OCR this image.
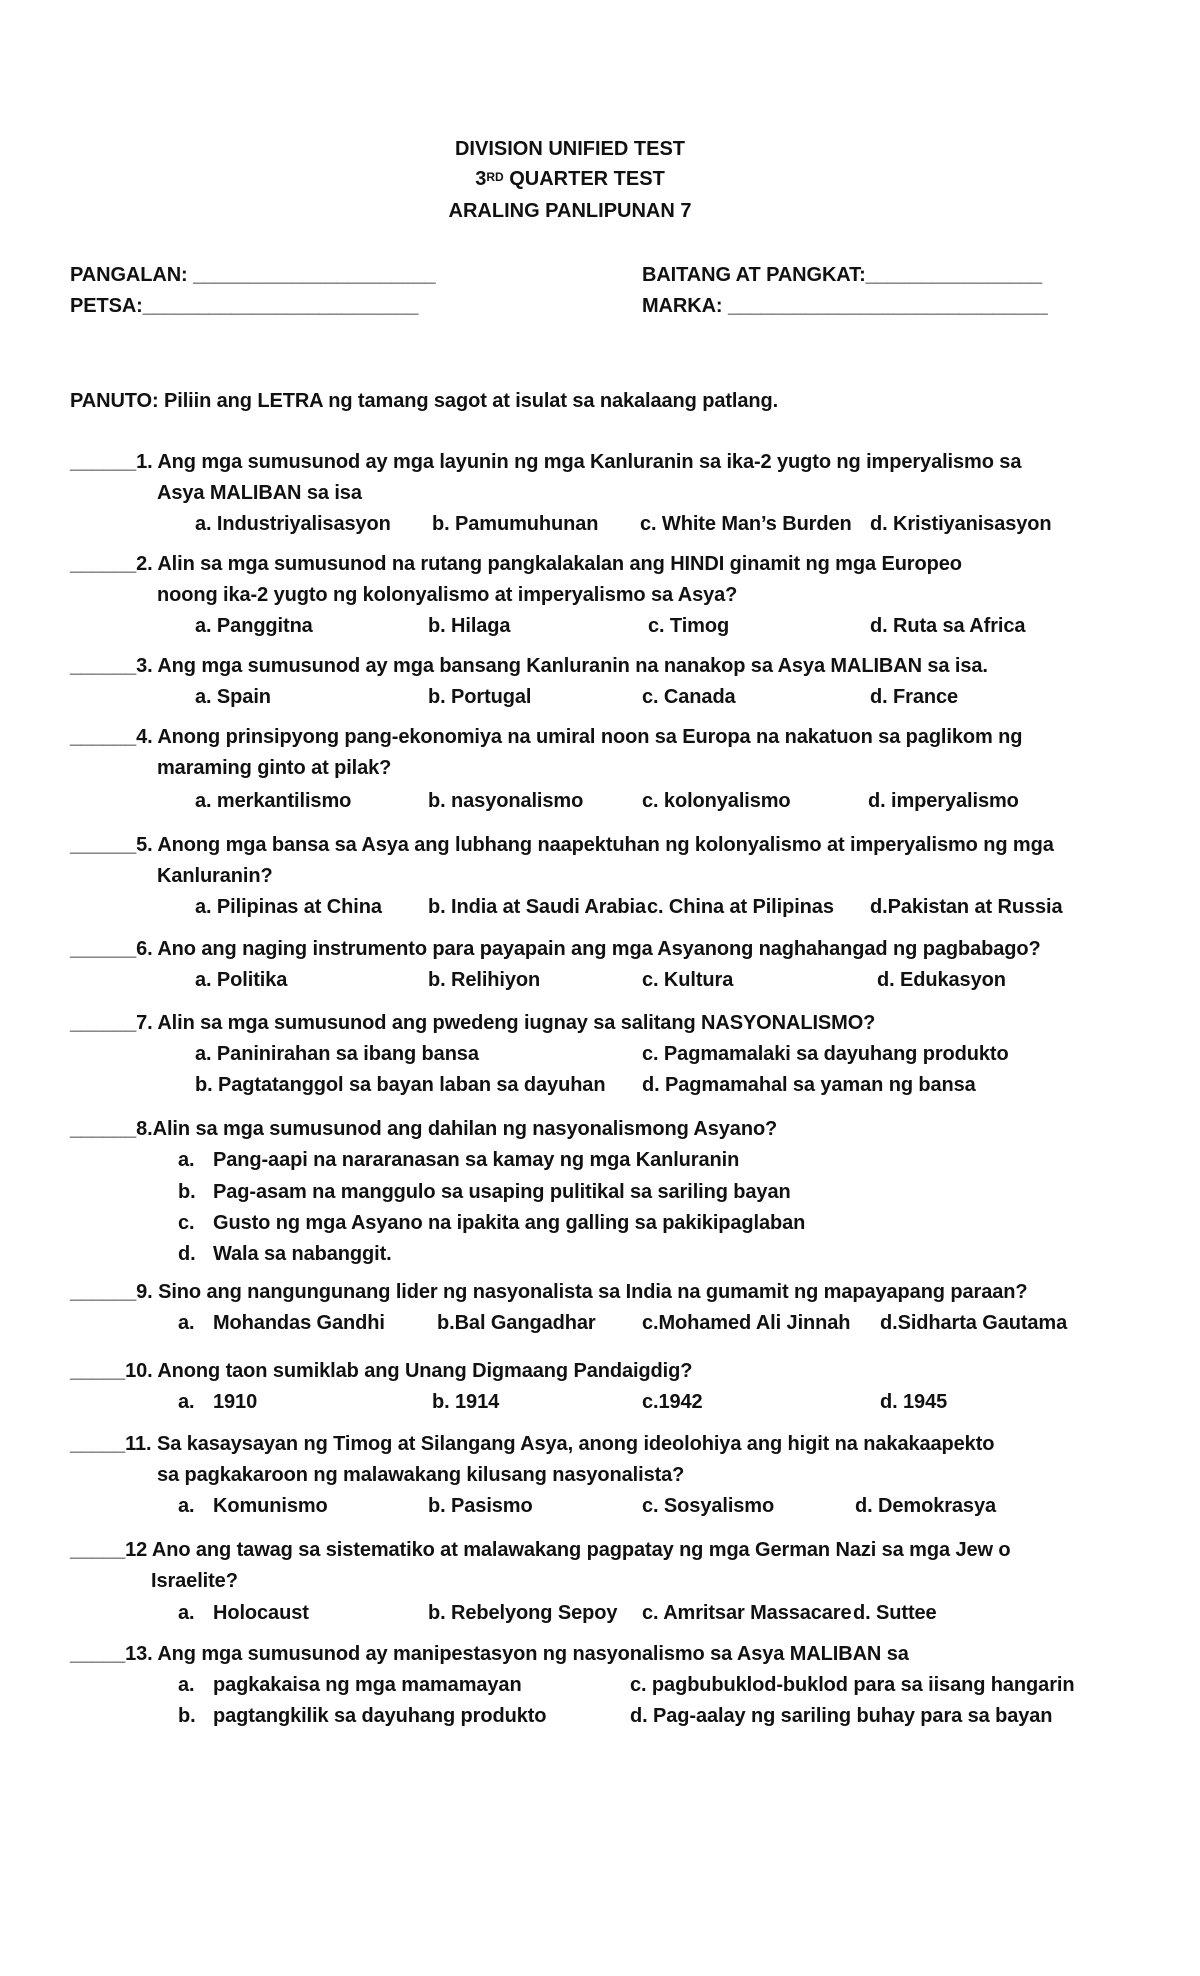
DIVISION UNIFIED TEST
3RD QUARTER TEST
ARALING PANLIPUNAN 7
PANGALAN: ______________________	BAITANG AT PANGKAT:________________
PETSA:_________________________	MARKA: _____________________________
PANUTO: Piliin ang LETRA ng tamang sagot at isulat sa nakalaang patlang.
______1. Ang mga sumusunod ay mga layunin ng mga Kanluranin sa ika-2 yugto ng imperyalismo sa
Asya MALIBAN sa isa
a. Industriyalisasyon b. Pamumuhunan c. White Man’s Burden d. Kristiyanisasyon
______2. Alin sa mga sumusunod na rutang pangkalakalan ang HINDI ginamit ng mga Europeo
noong ika-2 yugto ng kolonyalismo at imperyalismo sa Asya?
a. Panggitna	b. Hilaga	c. Timog	d. Ruta sa Africa
______3. Ang mga sumusunod ay mga bansang Kanluranin na nanakop sa Asya MALIBAN sa isa.
a. Spain	b. Portugal	c. Canada	d. France
______4. Anong prinsipyong pang-ekonomiya na umiral noon sa Europa na nakatuon sa paglikom ng
maraming ginto at pilak?
a. merkantilismo	b. nasyonalismo	c. kolonyalismo	d. imperyalismo
______5. Anong mga bansa sa Asya ang lubhang naapektuhan ng kolonyalismo at imperyalismo ng mga
Kanluranin?
a. Pilipinas at China b. India at Saudi Arabia c. China at Pilipinas d.Pakistan at Russia
______6. Ano ang naging instrumento para payapain ang mga Asyanong naghahangad ng pagbabago?
a. Politika	b. Relihiyon	c. Kultura	d. Edukasyon
______7. Alin sa mga sumusunod ang pwedeng iugnay sa salitang NASYONALISMO?
a. Paninirahan sa ibang bansa	c. Pagmamalaki sa dayuhang produkto
b. Pagtatanggol sa bayan laban sa dayuhan d. Pagmamahal sa yaman ng bansa
______8.Alin sa mga sumusunod ang dahilan ng nasyonalismong Asyano?
a. Pang-aapi na nararanasan sa kamay ng mga Kanluranin
b. Pag-asam na manggulo sa usaping pulitikal sa sariling bayan
c. Gusto ng mga Asyano na ipakita ang galling sa pakikipaglaban
d. Wala sa nabanggit.
______9. Sino ang nangungunang lider ng nasyonalista sa India na gumamit ng mapayapang paraan?
a. Mohandas Gandhi	b.Bal Gangadhar c.Mohamed Ali Jinnah d.Sidharta Gautama
_____10. Anong taon sumiklab ang Unang Digmaang Pandaigdig?
a. 1910	b. 1914	c.1942	d. 1945
_____11. Sa kasaysayan ng Timog at Silangang Asya, anong ideolohiya ang higit na nakakaapekto
sa pagkakaroon ng malawakang kilusang nasyonalista?
a. Komunismo	b. Pasismo	c. Sosyalismo	d. Demokrasya
_____12 Ano ang tawag sa sistematiko at malawakang pagpatay ng mga German Nazi sa mga Jew o
Israelite?
a. Holocaust	b. Rebelyong Sepoy c. Amritsar Massacare d. Suttee
_____13. Ang mga sumusunod ay manipestasyon ng nasyonalismo sa Asya MALIBAN sa
a. pagkakaisa ng mga mamamayan	c. pagbubuklod-buklod para sa iisang hangarin
b. pagtangkilik sa dayuhang produkto	d. Pag-aalay ng sariling buhay para sa bayan
